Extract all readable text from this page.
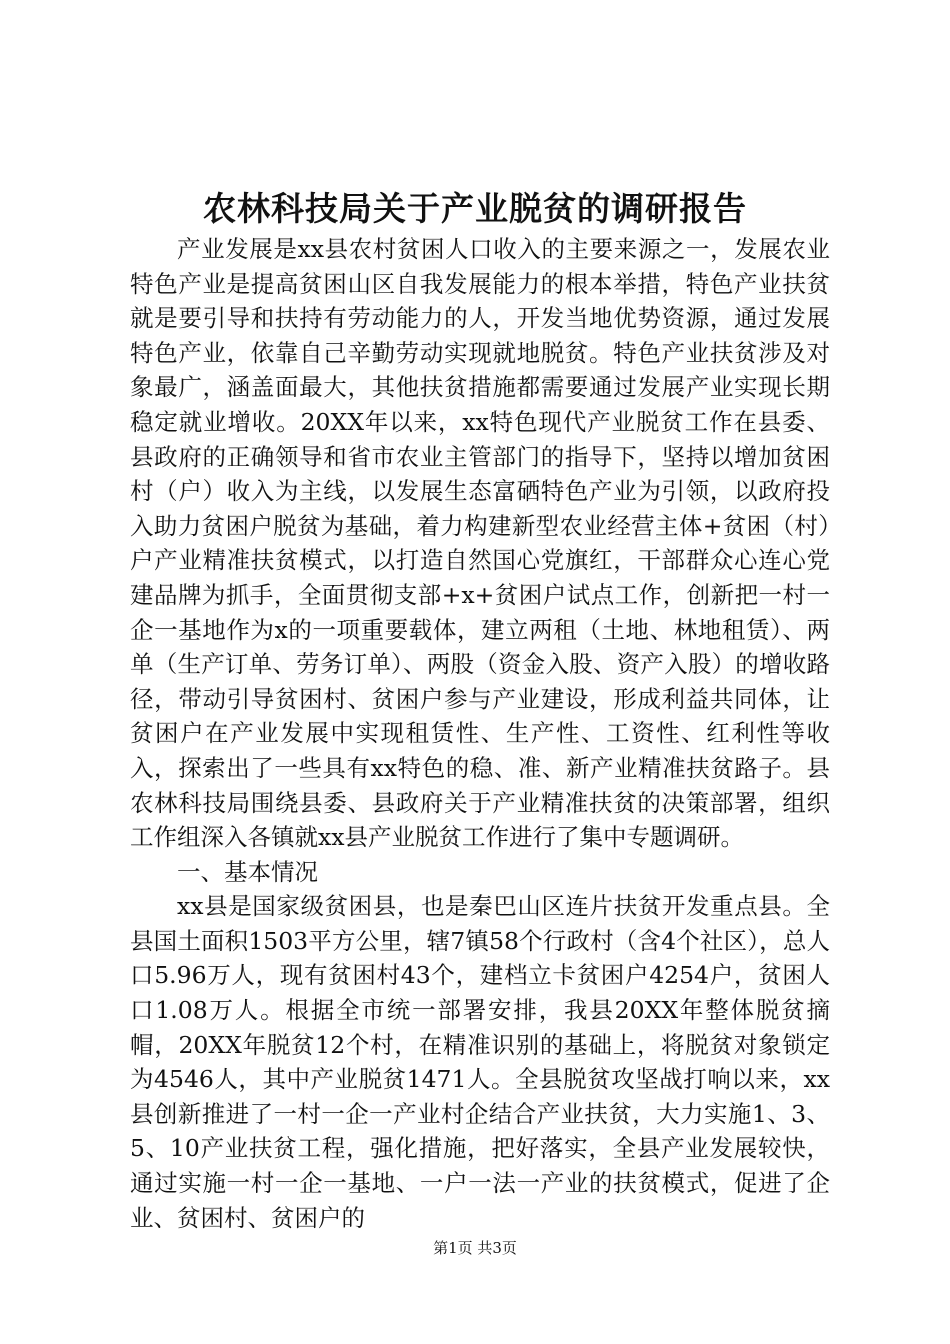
农林科技局关于产业脱贫的调研报告

产业发展是xx县农村贫困人口收入的主要来源之一，发展农业特色产业是提高贫困山区自我发展能力的根本举措，特色产业扶贫就是要引导和扶持有劳动能力的人，开发当地优势资源，通过发展特色产业，依靠自己辛勤劳动实现就地脱贫。特色产业扶贫涉及对象最广，涵盖面最大，其他扶贫措施都需要通过发展产业实现长期稳定就业增收。20XX年以来，xx特色现代产业脱贫工作在县委、县政府的正确领导和省市农业主管部门的指导下，坚持以增加贫困村（户）收入为主线，以发展生态富硒特色产业为引领，以政府投入助力贫困户脱贫为基础，着力构建新型农业经营主体+贫困（村）户产业精准扶贫模式，以打造自然国心党旗红，干部群众心连心党建品牌为抓手，全面贯彻支部+x+贫困户试点工作，创新把一村一企一基地作为x的一项重要载体，建立两租（土地、林地租赁）、两单（生产订单、劳务订单）、两股（资金入股、资产入股）的增收路径，带动引导贫困村、贫困户参与产业建设，形成利益共同体，让贫困户在产业发展中实现租赁性、生产性、工资性、红利性等收入，探索出了一些具有xx特色的稳、准、新产业精准扶贫路子。县农林科技局围绕县委、县政府关于产业精准扶贫的决策部署，组织工作组深入各镇就xx县产业脱贫工作进行了集中专题调研。

一、基本情况

xx县是国家级贫困县，也是秦巴山区连片扶贫开发重点县。全县国土面积1503平方公里，辖7镇58个行政村（含4个社区），总人口5.96万人，现有贫困村43个，建档立卡贫困户4254户，贫困人口1.08万人。根据全市统一部署安排，我县20XX年整体脱贫摘帽，20XX年脱贫12个村，在精准识别的基础上，将脱贫对象锁定为4546人，其中产业脱贫1471人。全县脱贫攻坚战打响以来，xx县创新推进了一村一企一产业村企结合产业扶贫，大力实施1、3、5、10产业扶贫工程，强化措施，把好落实，全县产业发展较快，通过实施一村一企一基地、一户一法一产业的扶贫模式，促进了企业、贫困村、贫困户的

第1页 共3页
